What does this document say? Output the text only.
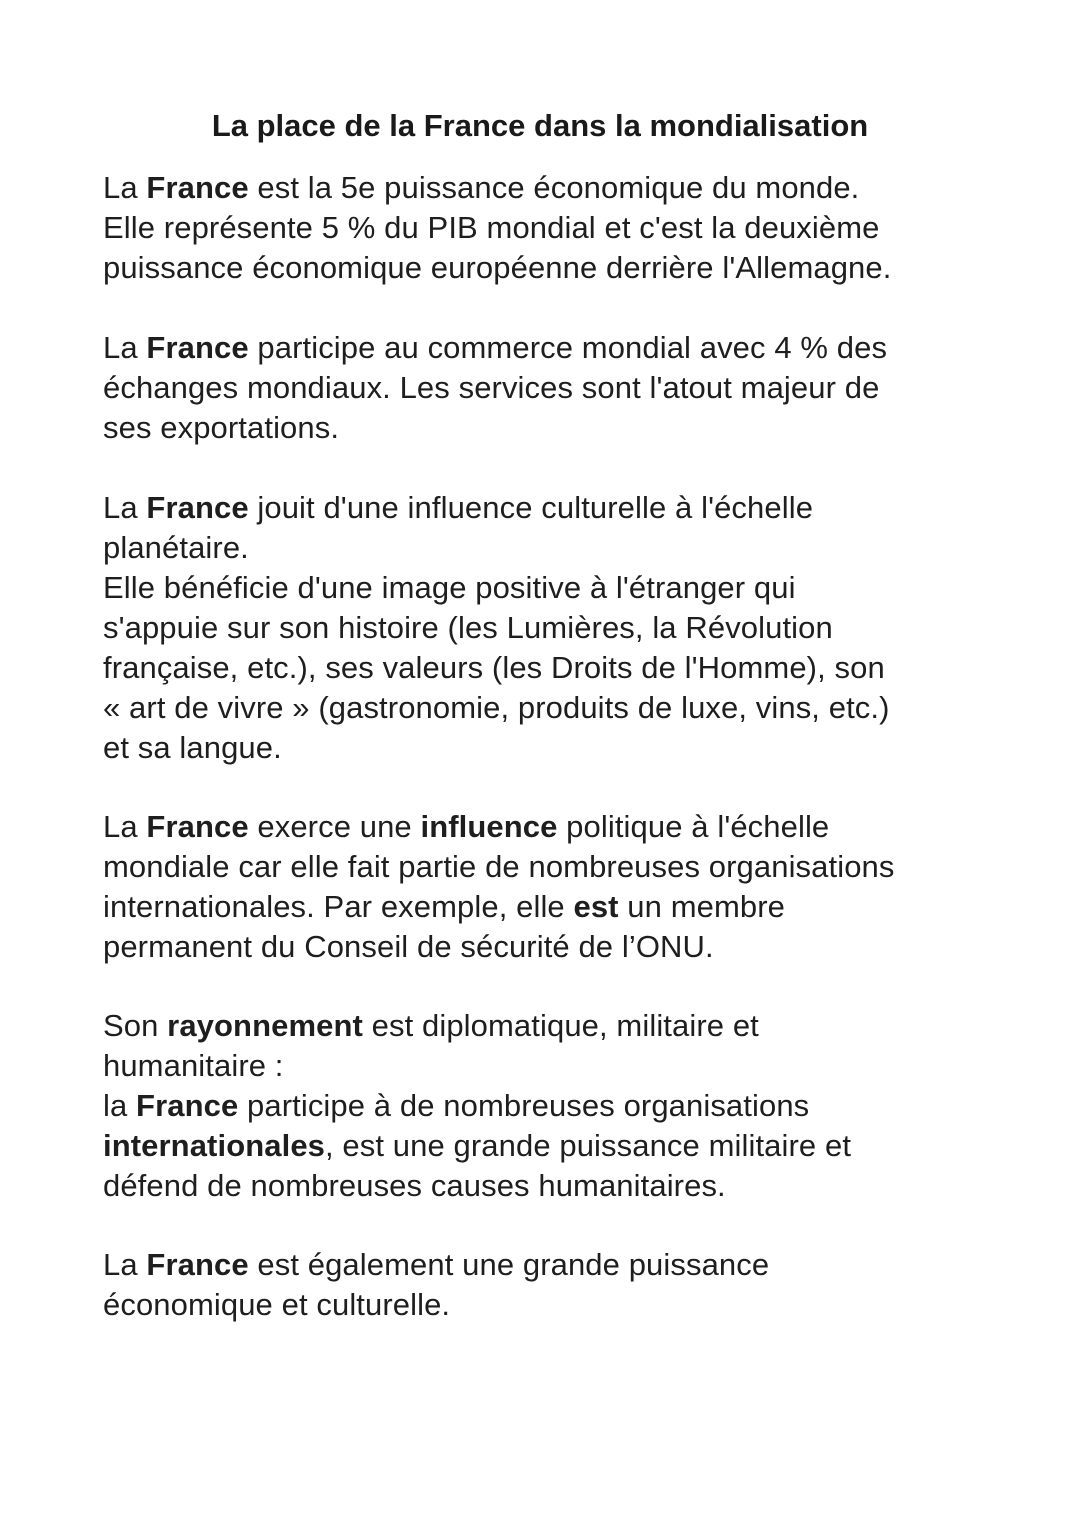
La place de la France dans la mondialisation

La France est la 5e puissance économique du monde.
Elle représente 5 % du PIB mondial et c'est la deuxième
puissance économique européenne derrière l'Allemagne.

La France participe au commerce mondial avec 4 % des
échanges mondiaux. Les services sont l'atout majeur de
ses exportations.

La France jouit d'une influence culturelle à l'échelle
planétaire.
Elle bénéficie d'une image positive à l'étranger qui
s'appuie sur son histoire (les Lumières, la Révolution
française, etc.), ses valeurs (les Droits de l'Homme), son
« art de vivre » (gastronomie, produits de luxe, vins, etc.)
et sa langue.

La France exerce une influence politique à l'échelle
mondiale car elle fait partie de nombreuses organisations
internationales. Par exemple, elle est un membre
permanent du Conseil de sécurité de l’ONU.

Son rayonnement est diplomatique, militaire et
humanitaire :
la France participe à de nombreuses organisations
internationales, est une grande puissance militaire et
défend de nombreuses causes humanitaires.

La France est également une grande puissance
économique et culturelle.
